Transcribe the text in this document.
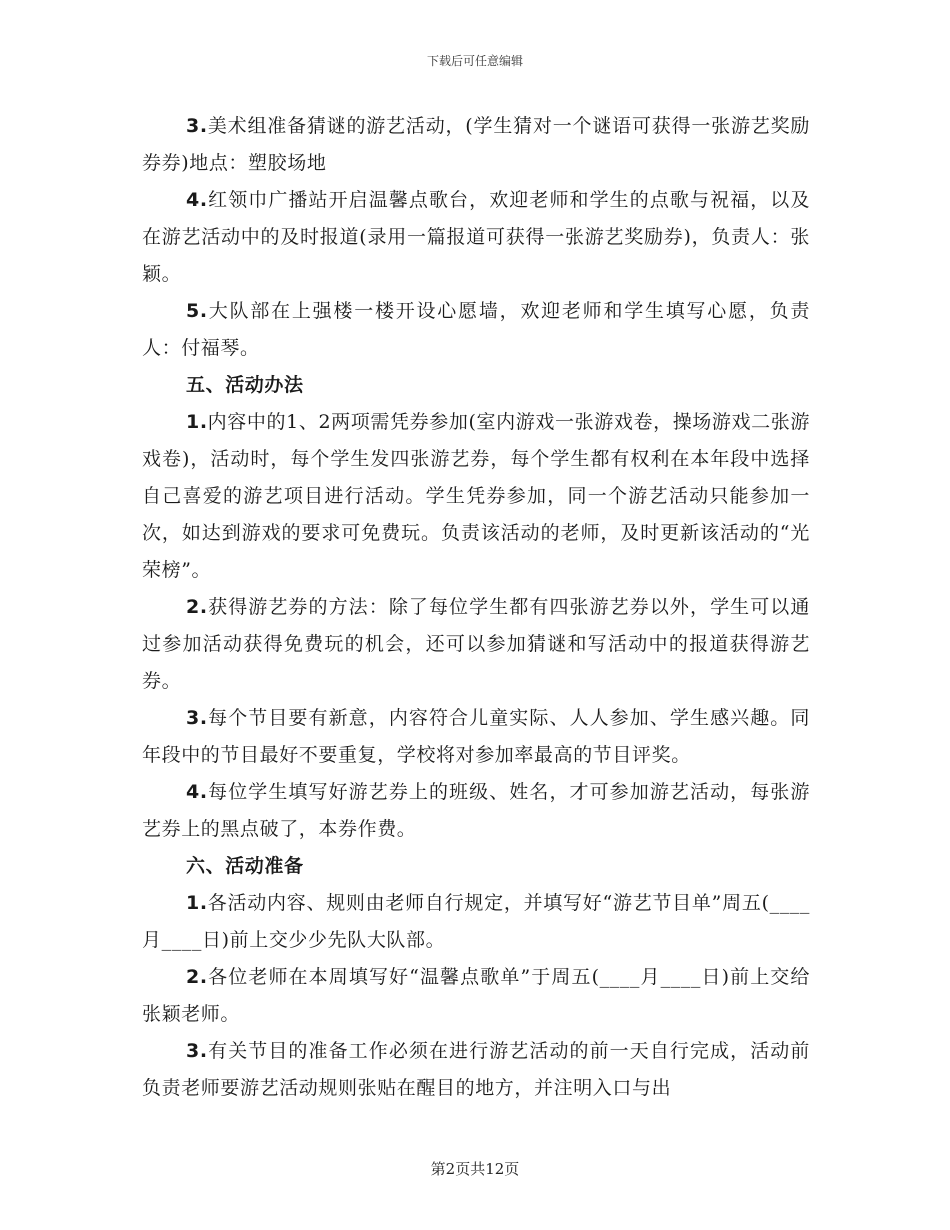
下载后可任意编辑

3.美术组准备猜谜的游艺活动，(学生猜对一个谜语可获得一张游艺奖励券券)地点：塑胶场地

4.红领巾广播站开启温馨点歌台，欢迎老师和学生的点歌与祝福，以及在游艺活动中的及时报道(录用一篇报道可获得一张游艺奖励券)，负责人：张颖。

5.大队部在上强楼一楼开设心愿墙，欢迎老师和学生填写心愿，负责人：付福琴。

五、活动办法

1.内容中的1、2两项需凭券参加(室内游戏一张游戏卷，操场游戏二张游戏卷)，活动时，每个学生发四张游艺券，每个学生都有权利在本年段中选择自己喜爱的游艺项目进行活动。学生凭券参加，同一个游艺活动只能参加一次，如达到游戏的要求可免费玩。负责该活动的老师，及时更新该活动的“光荣榜”。

2.获得游艺券的方法：除了每位学生都有四张游艺券以外，学生可以通过参加活动获得免费玩的机会，还可以参加猜谜和写活动中的报道获得游艺券。

3.每个节目要有新意，内容符合儿童实际、人人参加、学生感兴趣。同年段中的节目最好不要重复，学校将对参加率最高的节目评奖。

4.每位学生填写好游艺券上的班级、姓名，才可参加游艺活动，每张游艺券上的黑点破了，本券作费。

六、活动准备

1.各活动内容、规则由老师自行规定，并填写好“游艺节目单”周五(____月____日)前上交少少先队大队部。

2.各位老师在本周填写好“温馨点歌单”于周五(____月____日)前上交给张颖老师。

3.有关节目的准备工作必须在进行游艺活动的前一天自行完成，活动前负责老师要游艺活动规则张贴在醒目的地方，并注明入口与出

第2页共12页
